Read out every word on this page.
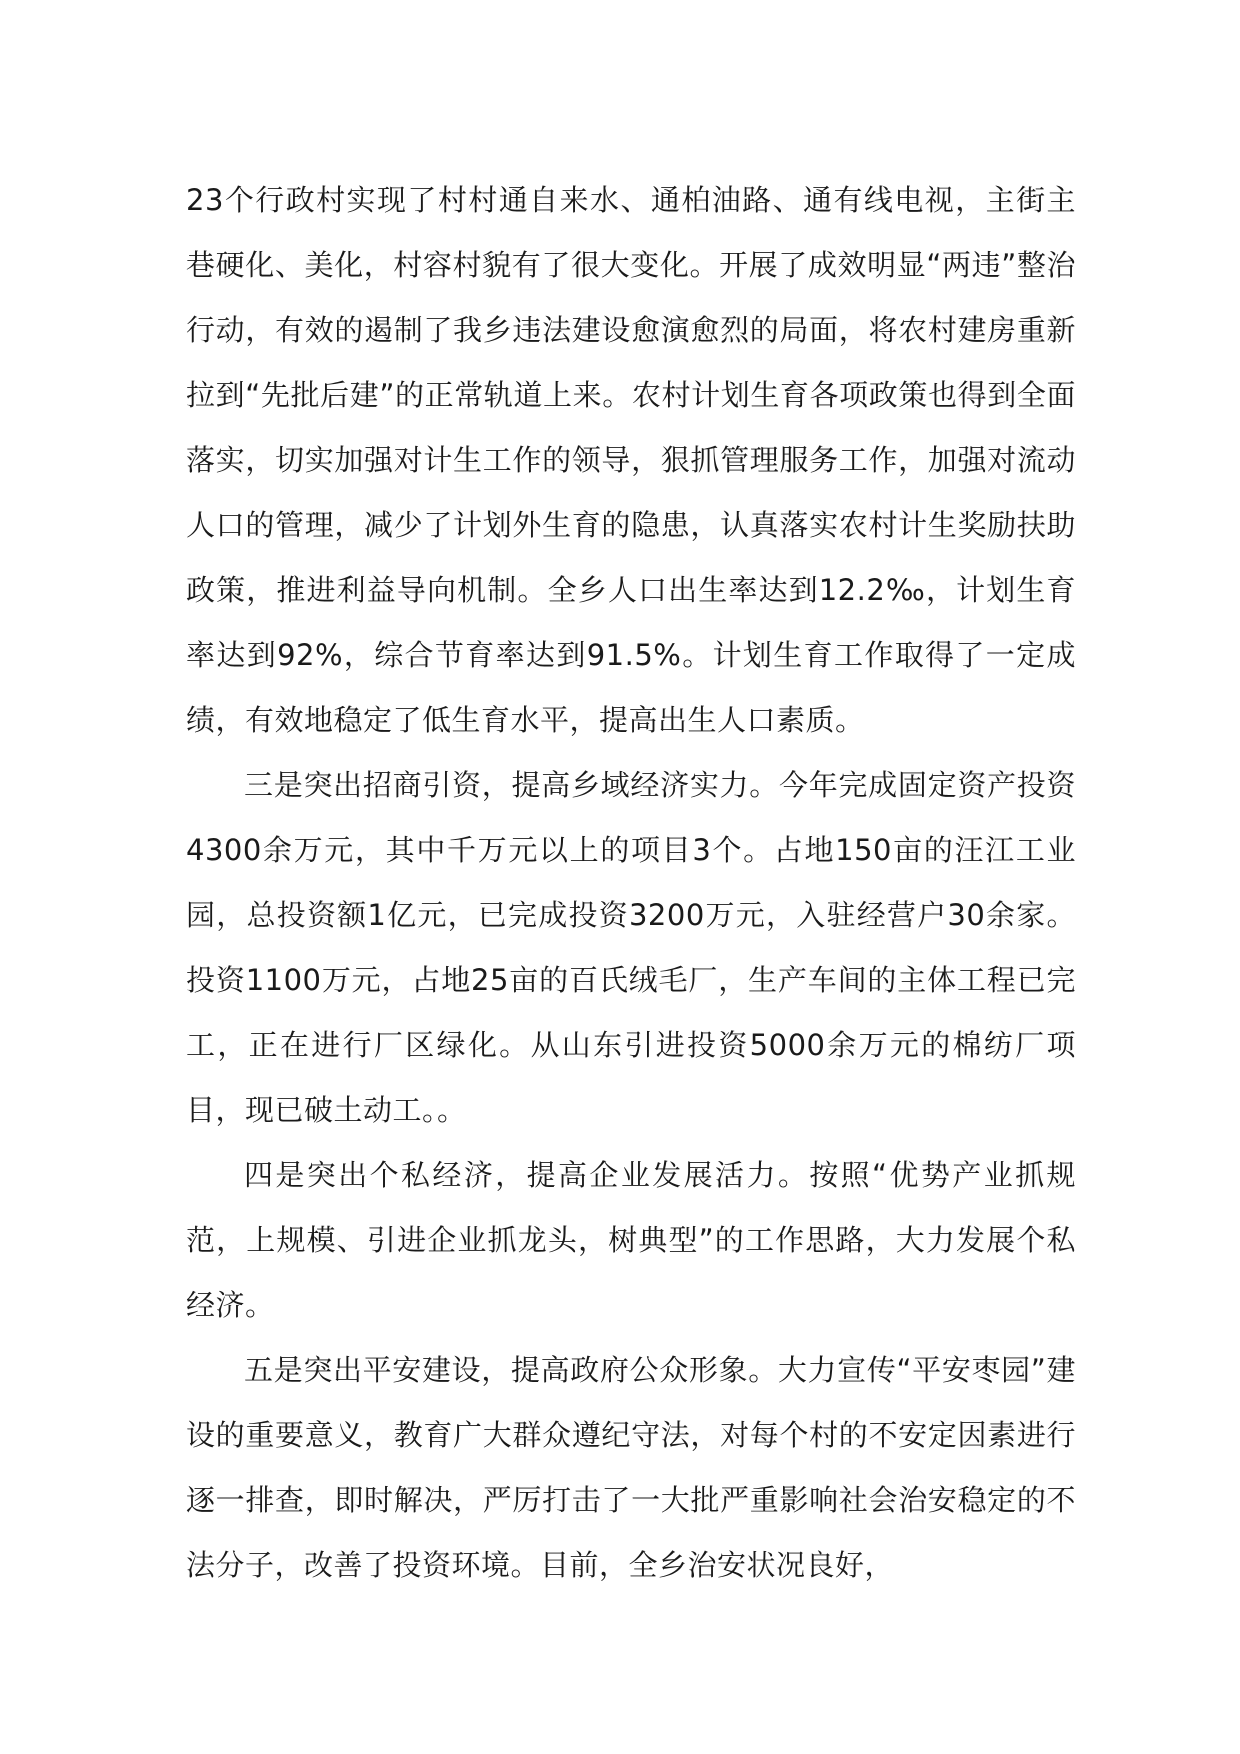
23个行政村实现了村村通自来水、通柏油路、通有线电视，主街主巷硬化、美化，村容村貌有了很大变化。开展了成效明显“两违”整治行动，有效的遏制了我乡违法建设愈演愈烈的局面，将农村建房重新拉到“先批后建”的正常轨道上来。农村计划生育各项政策也得到全面落实，切实加强对计生工作的领导，狠抓管理服务工作，加强对流动人口的管理，减少了计划外生育的隐患，认真落实农村计生奖励扶助政策，推进利益导向机制。全乡人口出生率达到12.2‰，计划生育率达到92%，综合节育率达到91.5%。计划生育工作取得了一定成绩，有效地稳定了低生育水平，提高出生人口素质。

三是突出招商引资，提高乡域经济实力。今年完成固定资产投资4300余万元，其中千万元以上的项目3个。占地150亩的汪江工业园，总投资额1亿元，已完成投资3200万元，入驻经营户30余家。投资1100万元，占地25亩的百氏绒毛厂，生产车间的主体工程已完工，正在进行厂区绿化。从山东引进投资5000余万元的棉纺厂项目，现已破土动工。。

四是突出个私经济，提高企业发展活力。按照“优势产业抓规范，上规模、引进企业抓龙头，树典型”的工作思路，大力发展个私经济。

五是突出平安建设，提高政府公众形象。大力宣传“平安枣园”建设的重要意义，教育广大群众遵纪守法，对每个村的不安定因素进行逐一排查，即时解决，严厉打击了一大批严重影响社会治安稳定的不法分子，改善了投资环境。目前，全乡治安状况良好，
